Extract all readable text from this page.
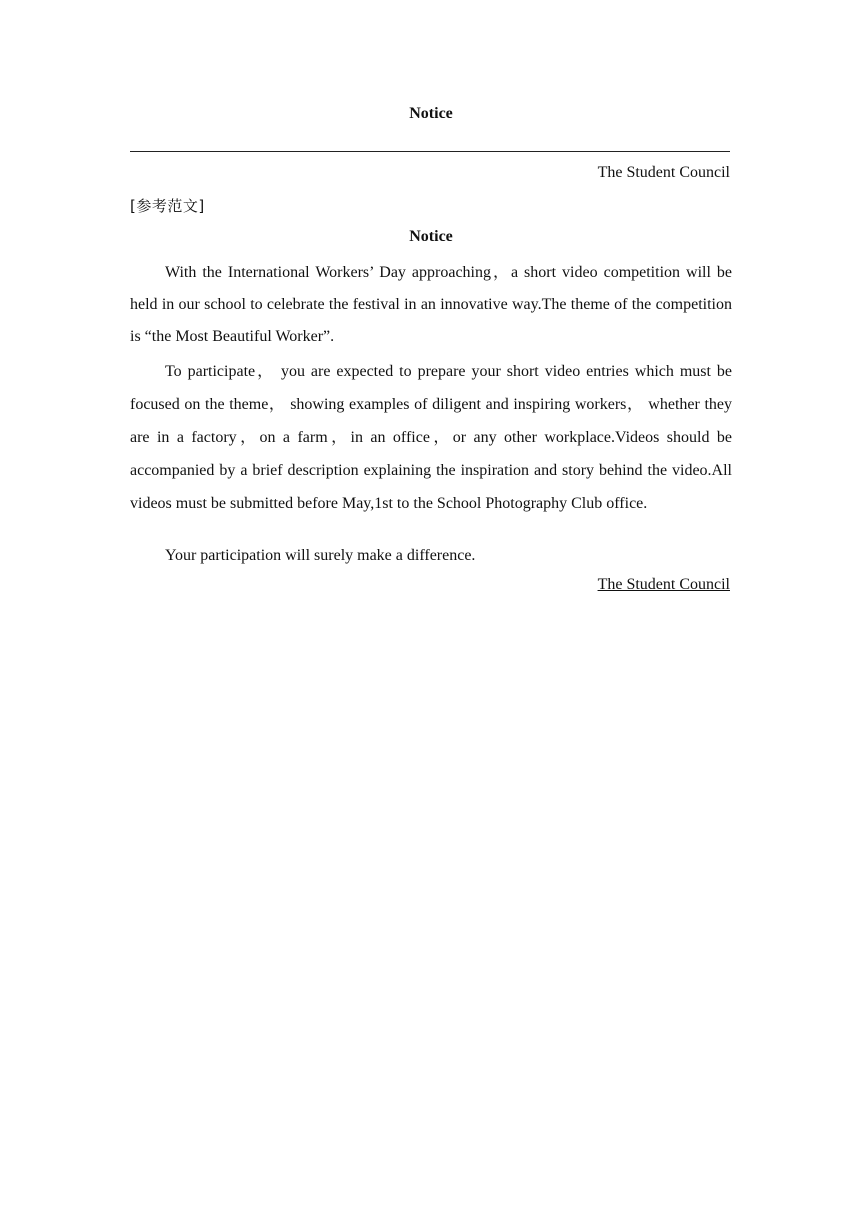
Notice
The Student Council
[参考范文]
Notice

With the International Workers’ Day approaching，a short video competition will be held in our school to celebrate the festival in an innovative way.The theme of the competition is “the Most Beautiful Worker”.

To participate， you are expected to prepare your short video entries which must be focused on the theme， showing examples of diligent and inspiring workers， whether they are in a factory，on a farm，in an office，or any other workplace.Videos should be accompanied by a brief description explaining the inspiration and story behind the video.All videos must be submitted before May,1st to the School Photography Club office.

Your participation will surely make a difference.

The Student Council
